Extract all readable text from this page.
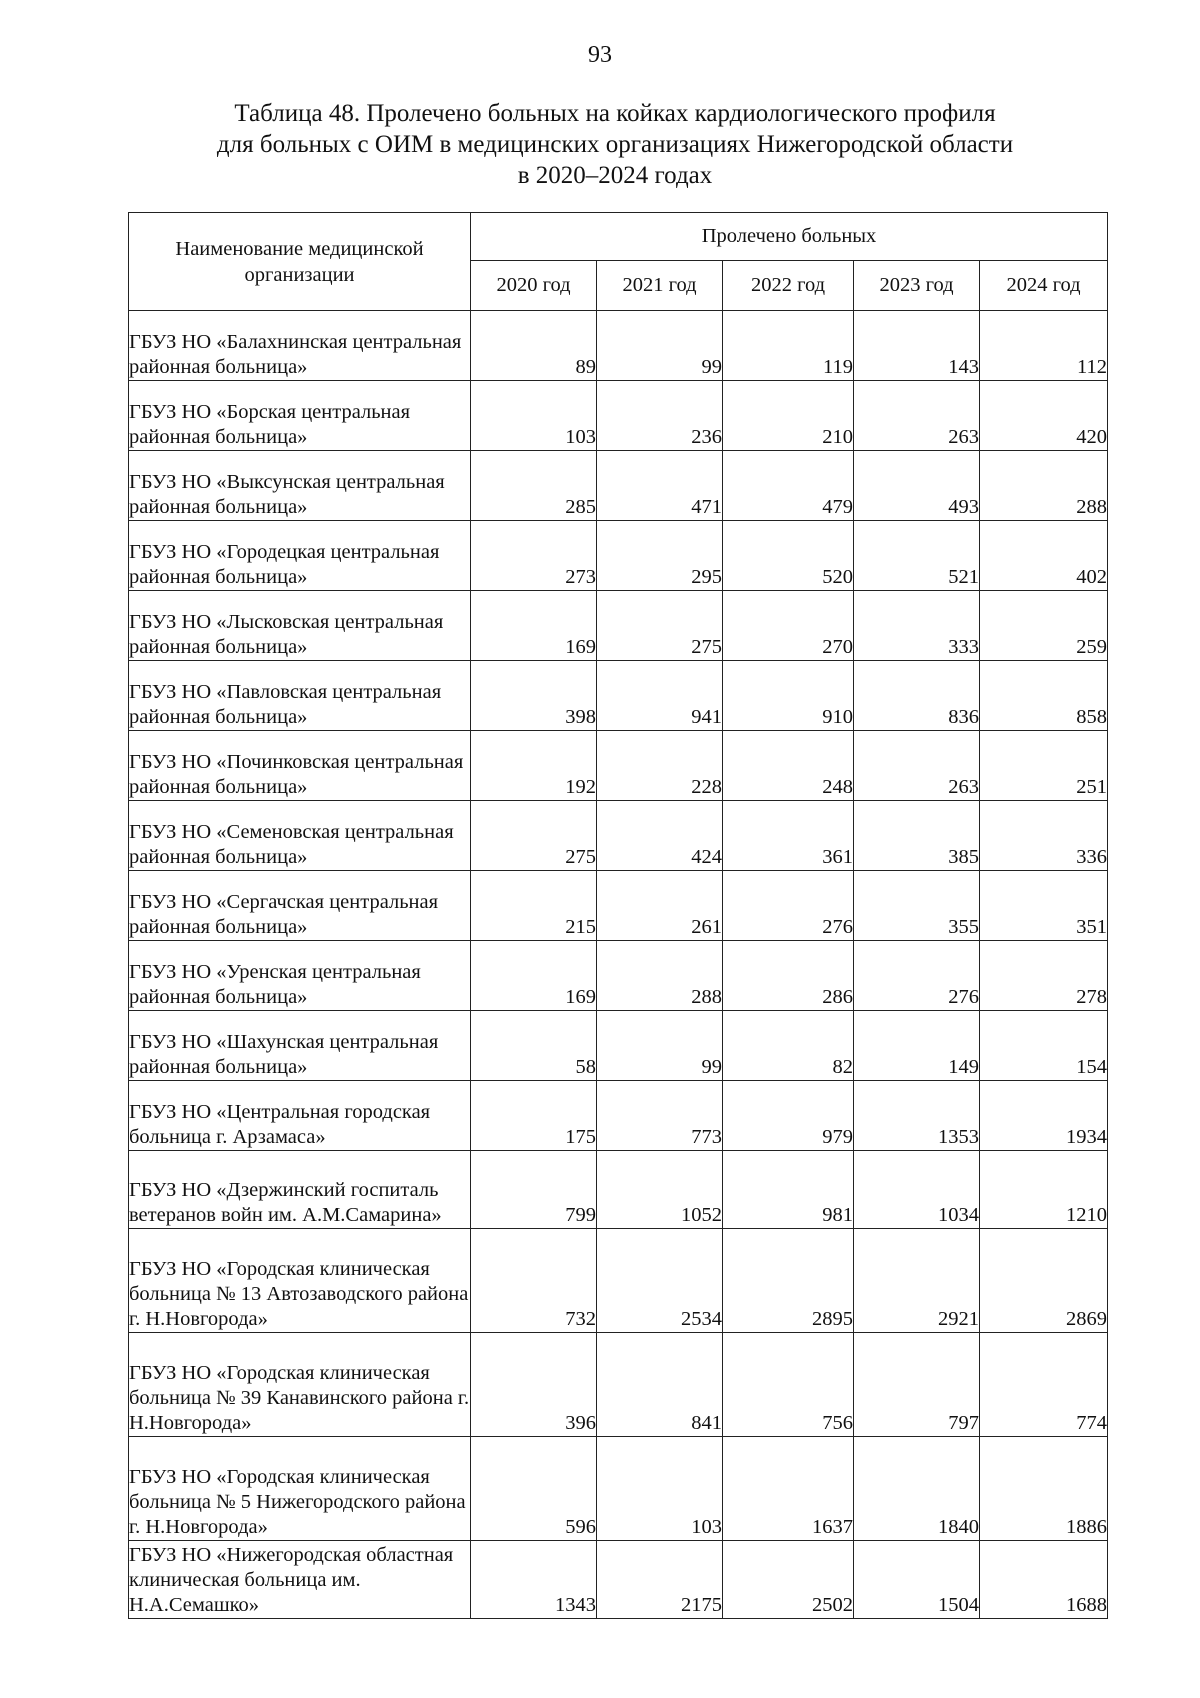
93
Таблица 48. Пролечено больных на койках кардиологического профиля
для больных с ОИМ в медицинских организациях Нижегородской области
в 2020–2024 годах
Наименование медицинской организации	Пролечено больных				
	2020 год	2021 год	2022 год	2023 год	2024 год
ГБУЗ НО «Балахнинская центральная районная больница»	89	99	119	143	112
ГБУЗ НО «Борская центральная районная больница»	103	236	210	263	420
ГБУЗ НО «Выксунская центральная районная больница»	285	471	479	493	288
ГБУЗ НО «Городецкая центральная районная больница»	273	295	520	521	402
ГБУЗ НО «Лысковская центральная районная больница»	169	275	270	333	259
ГБУЗ НО «Павловская центральная районная больница»	398	941	910	836	858
ГБУЗ НО «Починковская центральная районная больница»	192	228	248	263	251
ГБУЗ НО «Семеновская центральная районная больница»	275	424	361	385	336
ГБУЗ НО «Сергачская центральная районная больница»	215	261	276	355	351
ГБУЗ НО «Уренская центральная районная больница»	169	288	286	276	278
ГБУЗ НО «Шахунская центральная районная больница»	58	99	82	149	154
ГБУЗ НО «Центральная городская больница г. Арзамаса»	175	773	979	1353	1934
ГБУЗ НО «Дзержинский госпиталь ветеранов войн им. А.М.Самарина»	799	1052	981	1034	1210
ГБУЗ НО «Городская клиническая больница № 13 Автозаводского района г. Н.Новгорода»	732	2534	2895	2921	2869
ГБУЗ НО «Городская клиническая больница № 39 Канавинского района г. Н.Новгорода»	396	841	756	797	774
ГБУЗ НО «Городская клиническая больница № 5 Нижегородского района г. Н.Новгорода»	596	103	1637	1840	1886
ГБУЗ НО «Нижегородская областная клиническая больница им. Н.А.Семашко»	1343	2175	2502	1504	1688
